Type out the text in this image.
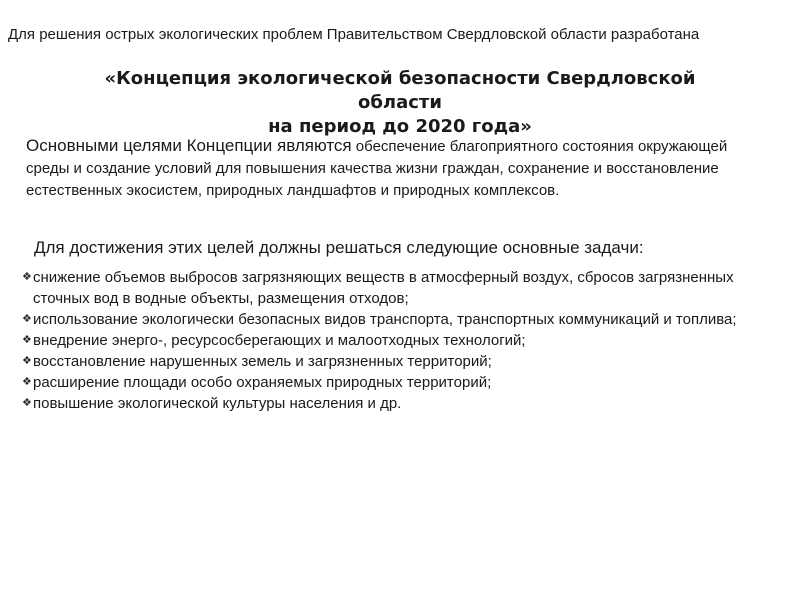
Для решения острых экологических проблем Правительством Свердловской области разработана

«Концепция экологической безопасности Свердловской
области
на период до 2020 года»

Основными целями Концепции являются обеспечение благоприятного состояния окружающей среды и создание условий для повышения качества жизни граждан, сохранение и восстановление естественных экосистем, природных ландшафтов и природных комплексов.

Для достижения этих целей должны решаться следующие основные задачи:

❖ снижение объемов выбросов загрязняющих веществ в атмосферный воздух, сбросов загрязненных сточных вод в водные объекты, размещения отходов;
❖ использование экологически безопасных видов транспорта, транспортных коммуникаций и топлива;
❖ внедрение энерго-, ресурсосберегающих и малоотходных технологий;
❖ восстановление нарушенных земель и загрязненных территорий;
❖ расширение площади особо охраняемых природных территорий;
❖ повышение экологической культуры населения и др.
